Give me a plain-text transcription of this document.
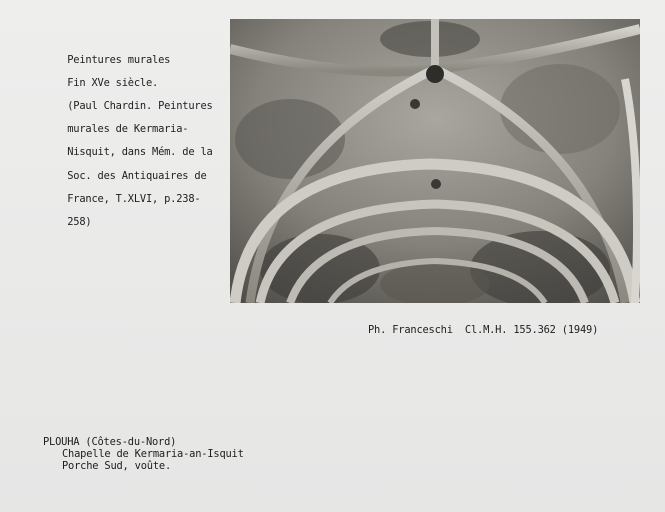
Peintures murales

Fin XVe siècle.

(Paul Chardin. Peintures

murales de Kermaria-

Nisquit, dans Mém. de la

Soc. des Antiquaires de

France, T.XLVI, p.238-

258)

Ph. Franceschi Cl.M.H. 155.362 (1949)
PLOUHA (Côtes-du-Nord)

Chapelle de Kermaria-an-Isquit
Porche Sud, voûte.
